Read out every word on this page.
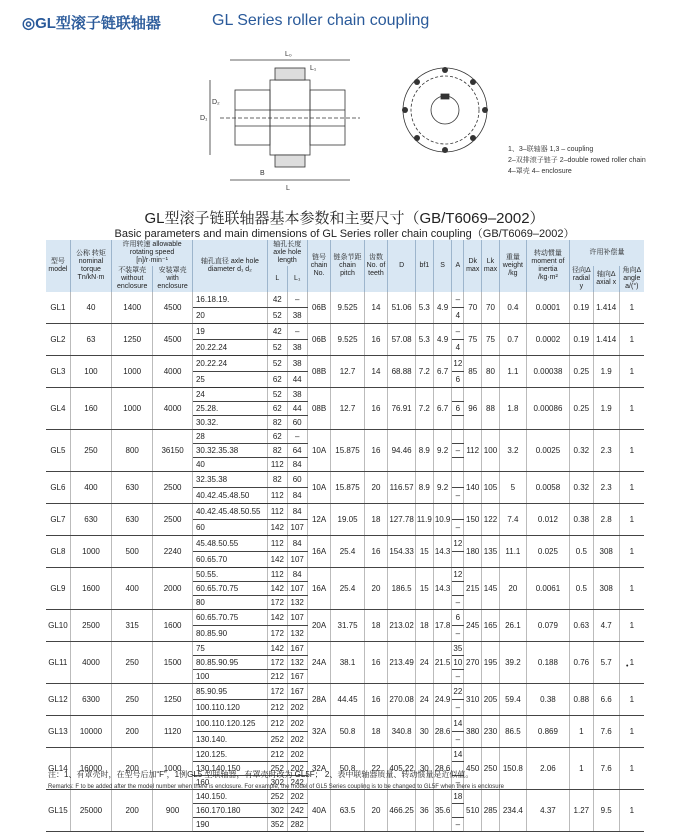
◎GL型滚子链联轴器	GL Series roller chain coupling
D₁
D₂
L₀
L₁
B
L
1、3–联轴器 1,3 – coupling
2–双排滚子链子 2–double rowed roller chain
4–罩壳 4– enclosure
GL型滚子链联轴器基本参数和主要尺寸（GB/T6069–2002）
Basic parameters and main dimensions of GL Series roller chain coupling（GB/T6069–2002）
型号 model	公称 转矩 nominal torque Tn/kN·m	许用转速 allowable rotating speed [n]/r·min⁻¹		轴孔直径 axle hole diameter d₁ d₂	轴孔长度 axle hole length		链号 chain No.	链条节距 chain pitch	齿数 No. of teeth	D	bf1	S	A	Dk max	Lk max	重量 weight /kg	转动惯量 moment of inertia /kg·m²	许用补偿量		
		不装罩壳 without enclosure	安装罩壳 with enclosure		L	L₁												径向Δ radial y	轴向Δ axial x	角向Δ angle a/(°)
GL1	40	1400	4500	16.18.19.	42	–	06B	9.525	14	51.06	5.3	4.9	–	70	70	0.4	0.0001	0.19	1.414	1
				20	52	38							4							
GL2	63	1250	4500	19	42	–	06B	9.525	16	57.08	5.3	4.9	–	75	75	0.7	0.0002	0.19	1.414	1
				20.22.24	52	38							4							
GL3	100	1000	4000	20.22.24	52	38	08B	12.7	14	68.88	7.2	6.7	12	85	80	1.1	0.00038	0.25	1.9	1
				25	62	44							6							
GL4	160	1000	4000	24	52	38	08B	12.7	16	76.91	7.2	6.7		96	88	1.8	0.00086	0.25	1.9	1
				25.28.	62	44							6							
				30.32.	82	60														
GL5	250	800	36150	28	62	–	10A	15.875	16	94.46	8.9	9.2		112	100	3.2	0.0025	0.32	2.3	1
				30.32.35.38	82	64							–							
				40	112	84														
GL6	400	630	2500	32.35.38	82	60	10A	15.875	20	116.57	8.9	9.2		140	105	5	0.0058	0.32	2.3	1
				40.42.45.48.50	112	84							–							
GL7	630	630	2500	40.42.45.48.50.55	112	84	12A	19.05	18	127.78	11.9	10.9		150	122	7.4	0.012	0.38	2.8	1
				60	142	107							–							
GL8	1000	500	2240	45.48.50.55	112	84	16A	25.4	16	154.33	15	14.3	12	180	135	11.1	0.025	0.5	308	1
				60.65.70	142	107														
GL9	1600	400	2000	50.55.	112	84	16A	25.4	20	186.5	15	14.3	12	215	145	20	0.0061	0.5	308	1
				60.65.70.75	142	107														
				80	172	132							–							
GL10	2500	315	1600	60.65.70.75	142	107	20A	31.75	18	213.02	18	17.8	6	245	165	26.1	0.079	0.63	4.7	1
				80.85.90	172	132							–							
GL11	4000	250	1500	75	142	167	24A	38.1	16	213.49	24	21.5	35	270	195	39.2	0.188	0.76	5.7	1
				80.85.90.95	172	132							10							
				100	212	167							–							
GL12	6300	250	1250	85.90.95	172	167	28A	44.45	16	270.08	24	24.9	22	310	205	59.4	0.38	0.88	6.6	1
				100.110.120	212	202							–							
GL13	10000	200	1120	100.110.120.125	212	202	32A	50.8	18	340.8	30	28.6	14	380	230	86.5	0.869	1	7.6	1
				130.140.	252	202							–							
GL14	16000	200	1000	120.125.	212	202	32A	50.8	22	405.22	30	28.6	14	450	250	150.8	2.06	1	7.6	1
				130.140.150	252	202														
				160	302	242							–							
GL15	25000	200	900	140.150.	252	202	40A	63.5	20	466.25	36	35.6	18	510	285	234.4	4.37	1.27	9.5	1
				160.170.180	302	242														
				190	352	282							–							
注：1、有罩壳时，在型号后加“F”，1例GL5 型联轴器，有罩壳时改为 GL5F； 2、表中联轴器质量、转动惯量是近似值。
Remarks: F to be added after the model number when there is enclosure. For example, the model of GL5 Series coupling is to be changed to GL5F when there is enclosure
•
